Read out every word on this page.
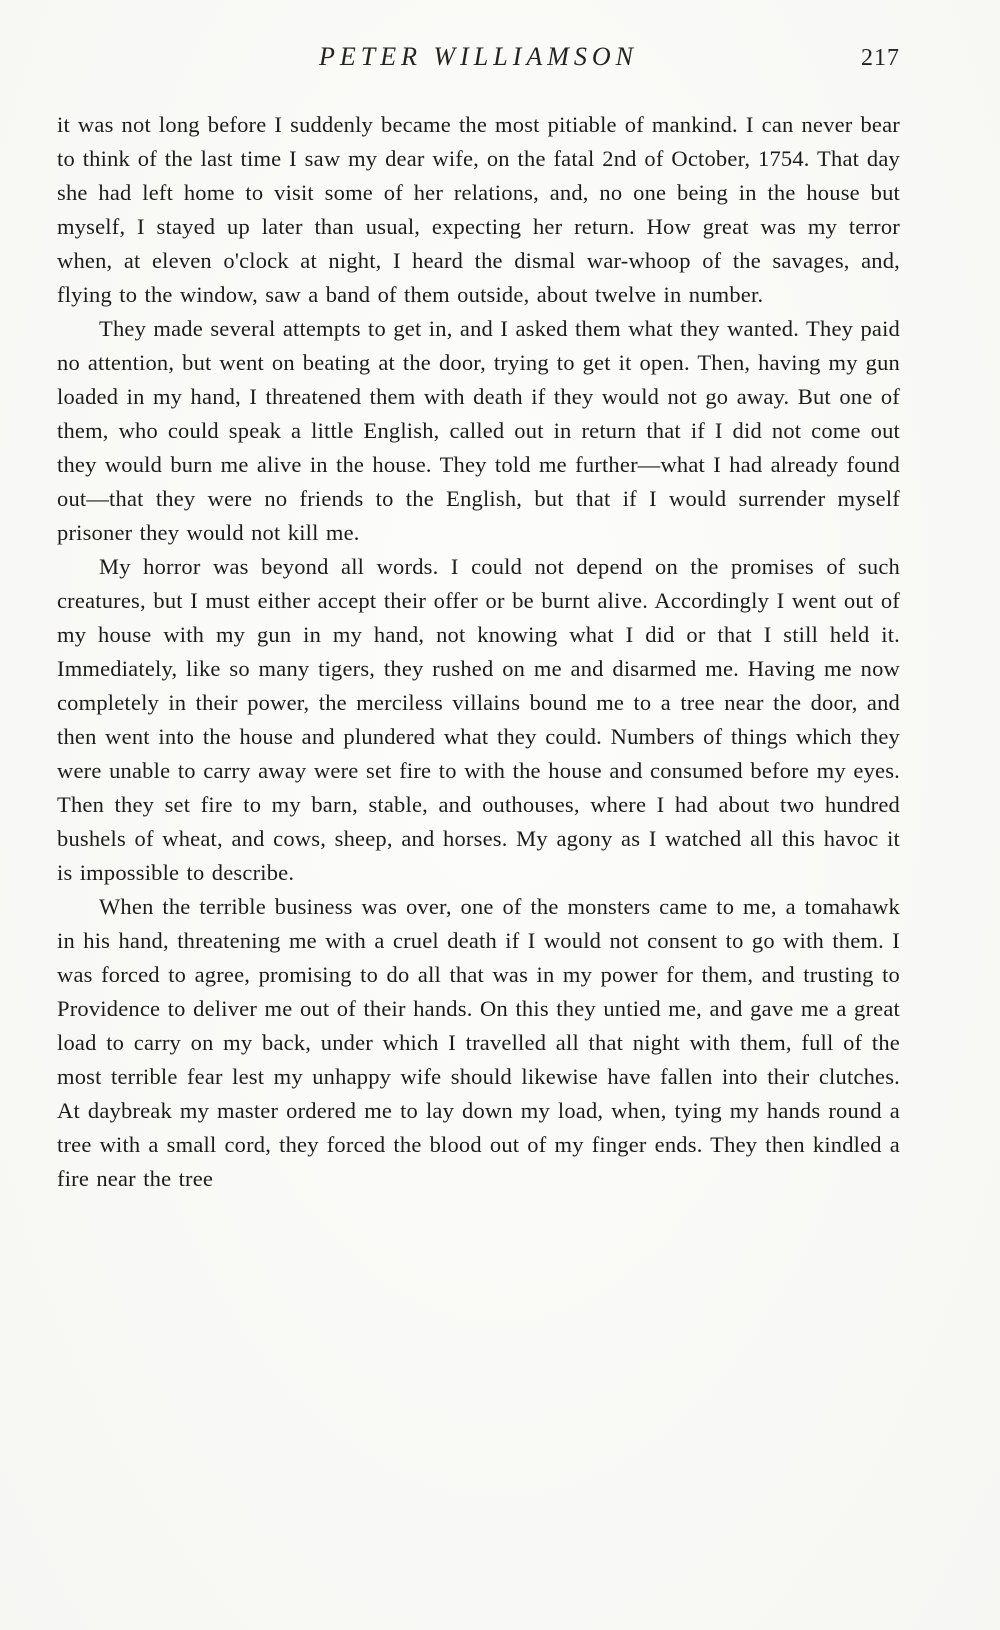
PETER WILLIAMSON	217

it was not long before I suddenly became the most pitiable of mankind. I can never bear to think of the last time I saw my dear wife, on the fatal 2nd of October, 1754. That day she had left home to visit some of her relations, and, no one being in the house but myself, I stayed up later than usual, expecting her return. How great was my terror when, at eleven o'clock at night, I heard the dismal war-whoop of the savages, and, flying to the window, saw a band of them outside, about twelve in number.

They made several attempts to get in, and I asked them what they wanted. They paid no attention, but went on beating at the door, trying to get it open. Then, having my gun loaded in my hand, I threatened them with death if they would not go away. But one of them, who could speak a little English, called out in return that if I did not come out they would burn me alive in the house. They told me further—what I had already found out—that they were no friends to the English, but that if I would surrender myself prisoner they would not kill me.

My horror was beyond all words. I could not depend on the promises of such creatures, but I must either accept their offer or be burnt alive. Accordingly I went out of my house with my gun in my hand, not knowing what I did or that I still held it. Immediately, like so many tigers, they rushed on me and disarmed me. Having me now completely in their power, the merciless villains bound me to a tree near the door, and then went into the house and plundered what they could. Numbers of things which they were unable to carry away were set fire to with the house and consumed before my eyes. Then they set fire to my barn, stable, and outhouses, where I had about two hundred bushels of wheat, and cows, sheep, and horses. My agony as I watched all this havoc it is impossible to describe.

When the terrible business was over, one of the monsters came to me, a tomahawk in his hand, threatening me with a cruel death if I would not consent to go with them. I was forced to agree, promising to do all that was in my power for them, and trusting to Providence to deliver me out of their hands. On this they untied me, and gave me a great load to carry on my back, under which I travelled all that night with them, full of the most terrible fear lest my unhappy wife should likewise have fallen into their clutches. At daybreak my master ordered me to lay down my load, when, tying my hands round a tree with a small cord, they forced the blood out of my finger ends. They then kindled a fire near the tree
